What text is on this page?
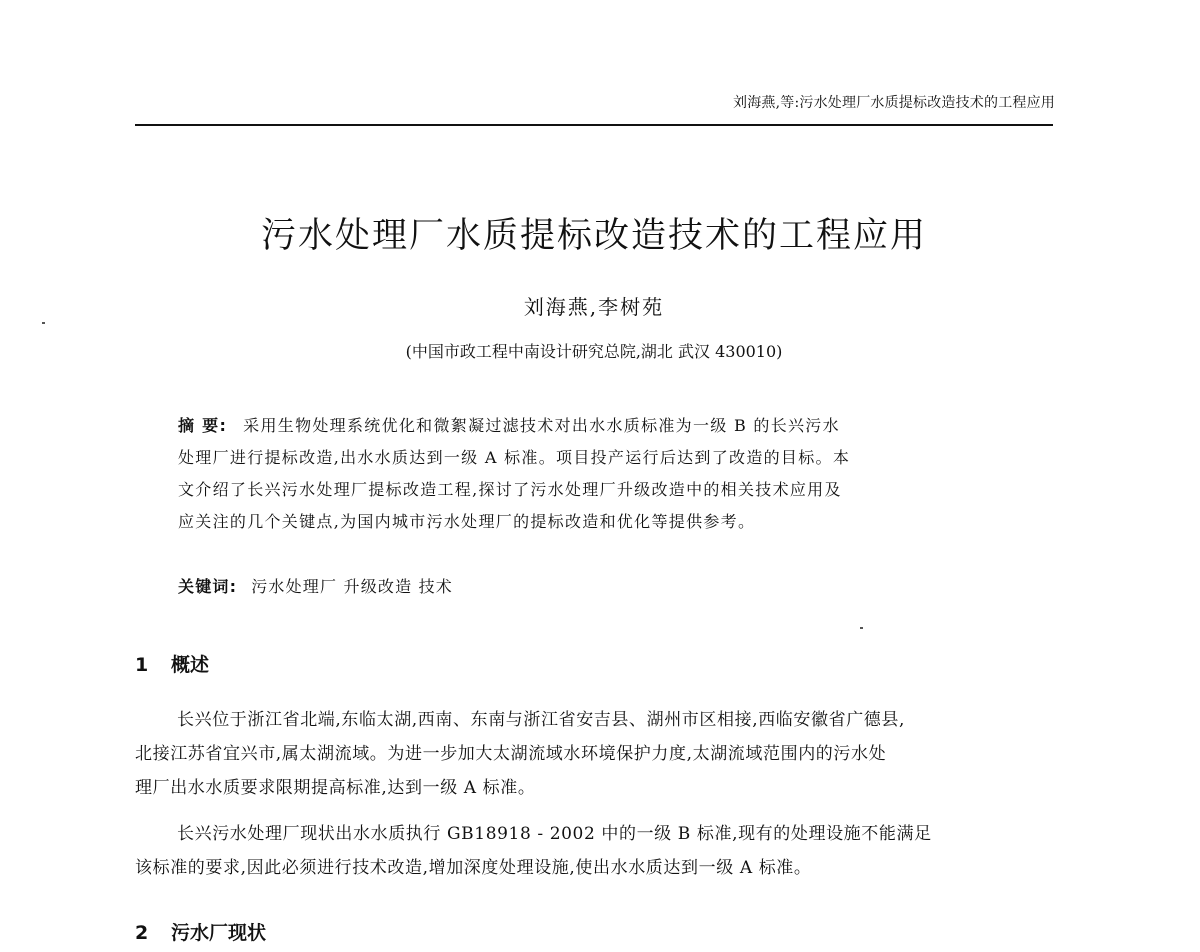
刘海燕,等:污水处理厂水质提标改造技术的工程应用
污水处理厂水质提标改造技术的工程应用
刘海燕,李树苑
(中国市政工程中南设计研究总院,湖北 武汉 430010)
摘 要: 采用生物处理系统优化和微絮凝过滤技术对出水水质标准为一级 B 的长兴污水
处理厂进行提标改造,出水水质达到一级 A 标准。项目投产运行后达到了改造的目标。本
文介绍了长兴污水处理厂提标改造工程,探讨了污水处理厂升级改造中的相关技术应用及
应关注的几个关键点,为国内城市污水处理厂的提标改造和优化等提供参考。
关键词: 污水处理厂 升级改造 技术
1 概述
长兴位于浙江省北端,东临太湖,西南、东南与浙江省安吉县、湖州市区相接,西临安徽省广德县,
北接江苏省宜兴市,属太湖流域。为进一步加大太湖流域水环境保护力度,太湖流域范围内的污水处
理厂出水水质要求限期提高标准,达到一级 A 标准。
长兴污水处理厂现状出水水质执行 GB18918 - 2002 中的一级 B 标准,现有的处理设施不能满足
该标准的要求,因此必须进行技术改造,增加深度处理设施,使出水水质达到一级 A 标准。
2 污水厂现状
